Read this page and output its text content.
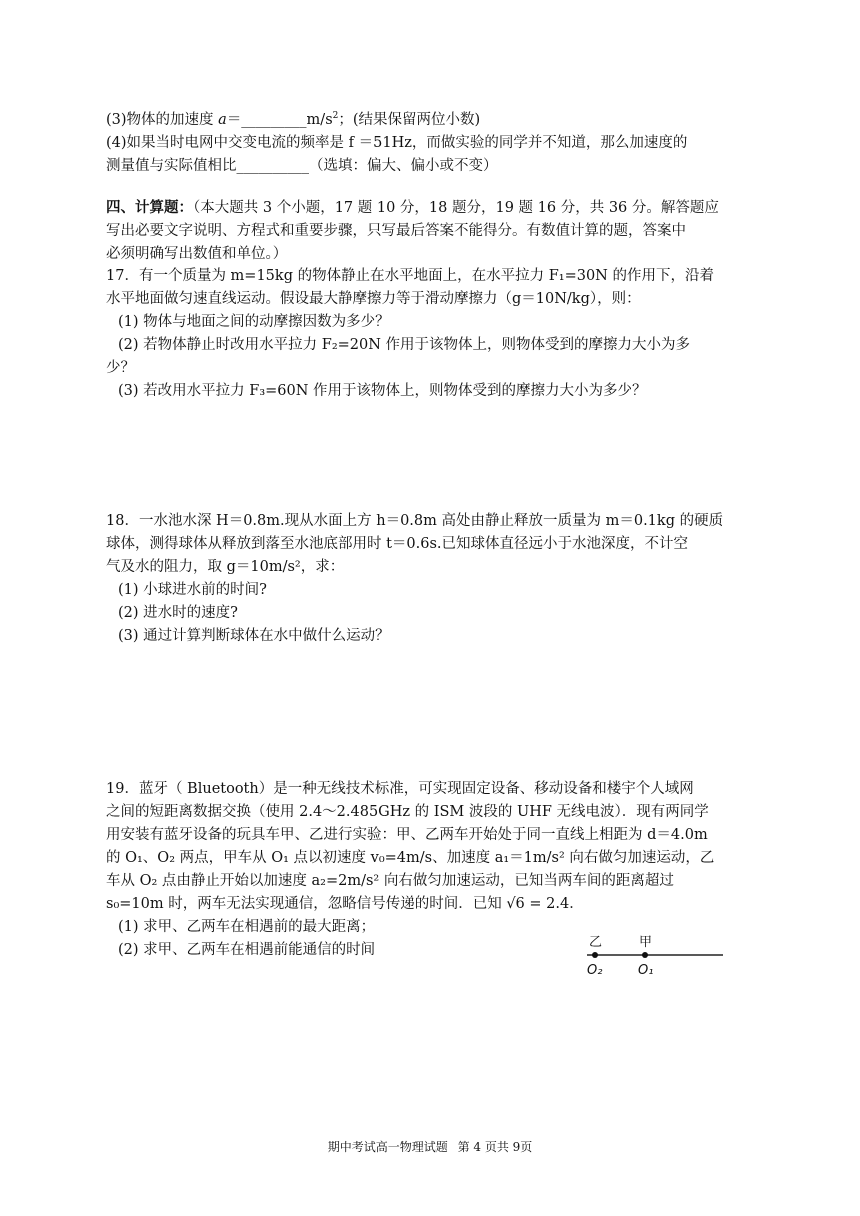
(3)物体的加速度 $a=\_\_\_\_\_\_\_\_\_m/s^2$；(结果保留两位小数)
(4)如果当时电网中交变电流的频率是 f ＝51Hz，而做实验的同学并不知道，那么加速度的
测量值与实际值相比__________（选填：偏大、偏小或不变）
四、计算题：（本大题共 3 个小题，17 题 10 分，18 题分，19 题 16 分，共 36 分。解答题应
写出必要文字说明、方程式和重要步骤，只写最后答案不能得分。有数值计算的题，答案中
必须明确写出数值和单位。）
17．有一个质量为 m=15kg 的物体静止在水平地面上，在水平拉力 F₁=30N 的作用下，沿着
水平地面做匀速直线运动。假设最大静摩擦力等于滑动摩擦力（g＝10N/kg），则：
(1) 物体与地面之间的动摩擦因数为多少？
(2) 若物体静止时改用水平拉力 F₂=20N 作用于该物体上，则物体受到的摩擦力大小为多
少？
(3) 若改用水平拉力 F₃=60N 作用于该物体上，则物体受到的摩擦力大小为多少？
18．一水池水深 H＝0.8m.现从水面上方 h＝0.8m 高处由静止释放一质量为 m＝0.1kg 的硬质
球体，测得球体从释放到落至水池底部用时 t＝0.6s.已知球体直径远小于水池深度，不计空
气及水的阻力，取 g＝10m/s²，求：
(1) 小球进水前的时间?
(2) 进水时的速度?
(3) 通过计算判断球体在水中做什么运动？
19．蓝牙（ Bluetooth）是一种无线技术标准，可实现固定设备、移动设备和楼宇个人域网
之间的短距离数据交换（使用 2.4～2.485GHz 的 ISM 波段的 UHF 无线电波）．现有两同学
用安装有蓝牙设备的玩具车甲、乙进行实验：甲、乙两车开始处于同一直线上相距为 d＝4.0m
的 O₁、O₂ 两点，甲车从 O₁ 点以初速度 v₀=4m/s、加速度 a₁＝1m/s² 向右做匀加速运动，乙
车从 O₂ 点由静止开始以加速度 a₂=2m/s² 向右做匀加速运动，已知当两车间的距离超过
s₀=10m 时，两车无法实现通信，忽略信号传递的时间．已知 √6 = 2.4．
(1) 求甲、乙两车在相遇前的最大距离；
(2) 求甲、乙两车在相遇前能通信的时间	乙	甲
O₂	O₁
期中考试高一物理试题 第 4 页共 9页
